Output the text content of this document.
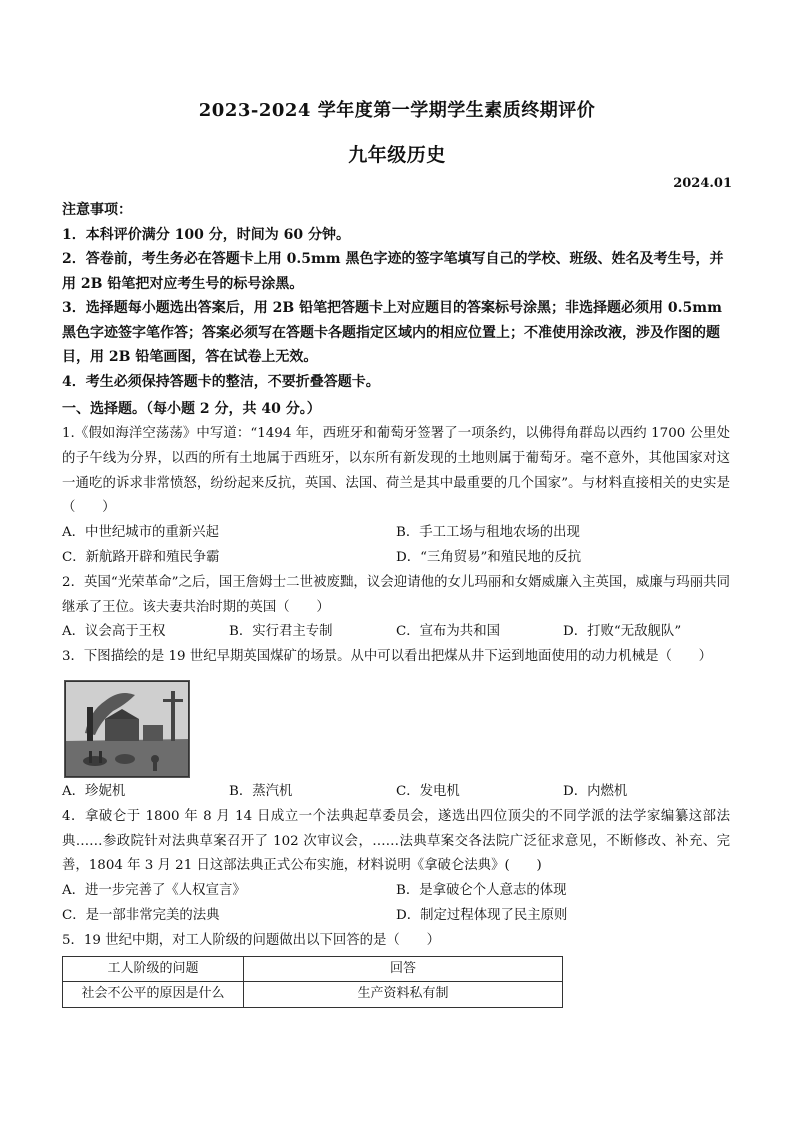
2023-2024 学年度第一学期学生素质终期评价
九年级历史
2024.01

注意事项：

1．本科评价满分 100 分，时间为 60 分钟。

2．答卷前，考生务必在答题卡上用 0.5mm 黑色字迹的签字笔填写自己的学校、班级、姓名及考生号，并用 2B 铅笔把对应考生号的标号涂黑。

3．选择题每小题选出答案后，用 2B 铅笔把答题卡上对应题目的答案标号涂黑；非选择题必须用 0.5mm 黑色字迹签字笔作答；答案必须写在答题卡各题指定区域内的相应位置上；不准使用涂改液，涉及作图的题目，用 2B 铅笔画图，答在试卷上无效。

4．考生必须保持答题卡的整洁，不要折叠答题卡。

一、选择题。（每小题 2 分，共 40 分。）

1.《假如海洋空荡荡》中写道：“1494 年，西班牙和葡萄牙签署了一项条约，以佛得角群岛以西约 1700 公里处的子午线为分界，以西的所有土地属于西班牙，以东所有新发现的土地则属于葡萄牙。毫不意外，其他国家对这一通吃的诉求非常愤怒，纷纷起来反抗，英国、法国、荷兰是其中最重要的几个国家”。与材料直接相关的史实是（　　）

A．中世纪城市的重新兴起	B．手工工场与租地农场的出现
C．新航路开辟和殖民争霸	D．“三角贸易”和殖民地的反抗

2．英国“光荣革命”之后，国王詹姆士二世被废黜，议会迎请他的女儿玛丽和女婿威廉入主英国，威廉与玛丽共同继承了王位。该夫妻共治时期的英国（　　）

A．议会高于王权	B．实行君主专制	C．宣布为共和国	D．打败“无敌舰队”

3．下图描绘的是 19 世纪早期英国煤矿的场景。从中可以看出把煤从井下运到地面使用的动力机械是（　　）

A．珍妮机	B．蒸汽机	C．发电机	D．内燃机

4．拿破仑于 1800 年 8 月 14 日成立一个法典起草委员会，遂选出四位顶尖的不同学派的法学家编纂这部法典……参政院针对法典草案召开了 102 次审议会，……法典草案交各法院广泛征求意见，不断修改、补充、完善，1804 年 3 月 21 日这部法典正式公布实施，材料说明《拿破仑法典》(　　)

A．进一步完善了《人权宣言》	B．是拿破仑个人意志的体现
C．是一部非常完美的法典	D．制定过程体现了民主原则

5．19 世纪中期，对工人阶级的问题做出以下回答的是（　　）

工人阶级的问题	回答
社会不公平的原因是什么	生产资料私有制
